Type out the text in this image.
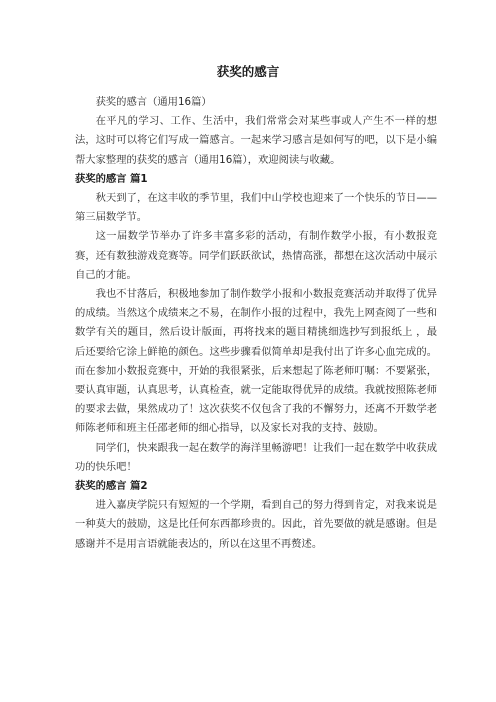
获奖的感言

获奖的感言（通用16篇）

在平凡的学习、工作、生活中，我们常常会对某些事或人产生不一样的想法，这时可以将它们写成一篇感言。一起来学习感言是如何写的吧，以下是小编帮大家整理的获奖的感言（通用16篇），欢迎阅读与收藏。

获奖的感言 篇1

秋天到了，在这丰收的季节里，我们中山学校也迎来了一个快乐的节日——第三届数学节。

这一届数学节举办了许多丰富多彩的活动，有制作数学小报，有小数报竞赛，还有数独游戏竞赛等。同学们跃跃欲试，热情高涨，都想在这次活动中展示自己的才能。

我也不甘落后，积极地参加了制作数学小报和小数报竞赛活动并取得了优异的成绩。当然这个成绩来之不易，在制作小报的过程中，我先上网查阅了一些和数学有关的题目，然后设计版面，再将找来的题目精挑细选抄写到报纸上 ，最后还要给它涂上鲜艳的颜色。这些步骤看似简单却是我付出了许多心血完成的。而在参加小数报竞赛中，开始的我很紧张，后来想起了陈老师叮嘱：不要紧张，要认真审题，认真思考，认真检查，就一定能取得优异的成绩。我就按照陈老师的要求去做，果然成功了！这次获奖不仅包含了我的不懈努力，还离不开数学老师陈老师和班主任邵老师的细心指导，以及家长对我的支持、鼓励。

同学们，快来跟我一起在数学的海洋里畅游吧！让我们一起在数学中收获成功的快乐吧！

获奖的感言 篇2

进入嘉庚学院只有短短的一个学期，看到自己的努力得到肯定，对我来说是一种莫大的鼓励，这是比任何东西都珍贵的。因此，首先要做的就是感谢。但是感谢并不是用言语就能表达的，所以在这里不再赘述。
